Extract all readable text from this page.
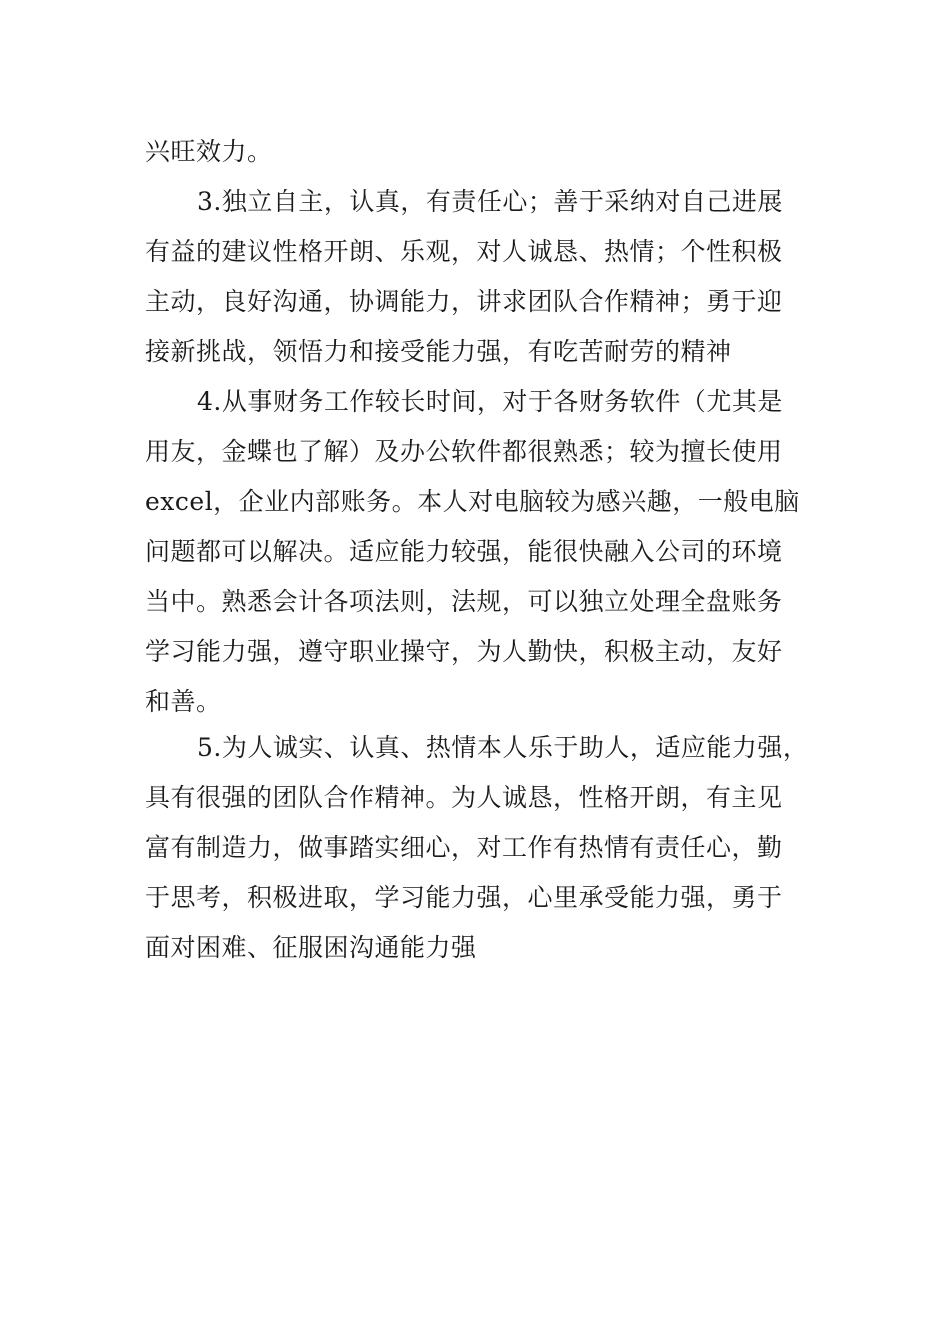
兴旺效力。
3.独立自主，认真，有责任心；善于采纳对自己进展
有益的建议性格开朗、乐观，对人诚恳、热情；个性积极
主动，良好沟通，协调能力，讲求团队合作精神；勇于迎
接新挑战，领悟力和接受能力强，有吃苦耐劳的精神
4.从事财务工作较长时间，对于各财务软件（尤其是
用友，金蝶也了解）及办公软件都很熟悉；较为擅长使用
excel，企业内部账务。本人对电脑较为感兴趣，一般电脑
问题都可以解决。适应能力较强，能很快融入公司的环境
当中。熟悉会计各项法则，法规，可以独立处理全盘账务
学习能力强，遵守职业操守，为人勤快，积极主动，友好
和善。
5.为人诚实、认真、热情本人乐于助人，适应能力强，
具有很强的团队合作精神。为人诚恳，性格开朗，有主见
富有制造力，做事踏实细心，对工作有热情有责任心，勤
于思考，积极进取，学习能力强，心里承受能力强，勇于
面对困难、征服困沟通能力强
